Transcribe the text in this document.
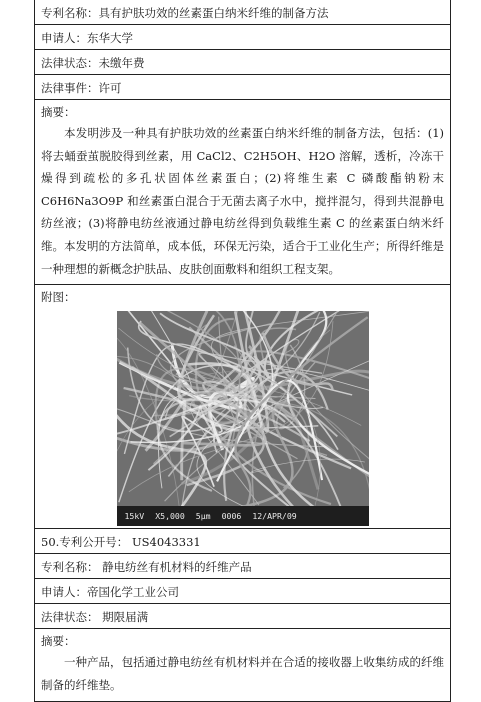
专利名称：具有护肤功效的丝素蛋白纳米纤维的制备方法
申请人：东华大学
法律状态：未缴年费
法律事件：许可
摘要：

本发明涉及一种具有护肤功效的丝素蛋白纳米纤维的制备方法，包括：(1)将去蛹蚕茧脱胶得到丝素，用 CaCl2、C2H5OH、H2O 溶解，透析，冷冻干燥得到疏松的多孔状固体丝素蛋白；(2)将维生素 C 磷酸酯钠粉末C6H6Na3O9P 和丝素蛋白混合于无菌去离子水中，搅拌混匀，得到共混静电纺丝液；(3)将静电纺丝液通过静电纺丝得到负载维生素 C 的丝素蛋白纳米纤维。本发明的方法简单，成本低，环保无污染，适合于工业化生产；所得纤维是一种理想的新概念护肤品、皮肤创面敷料和组织工程支架。

附图：
15kV X5,000 5μm 0006 12/APR/09
50.专利公开号： US4043331
专利名称： 静电纺丝有机材料的纤维产品
申请人：帝国化学工业公司
法律状态： 期限届满
摘要：

一种产品，包括通过静电纺丝有机材料并在合适的接收器上收集纺成的纤维制备的纤维垫。
